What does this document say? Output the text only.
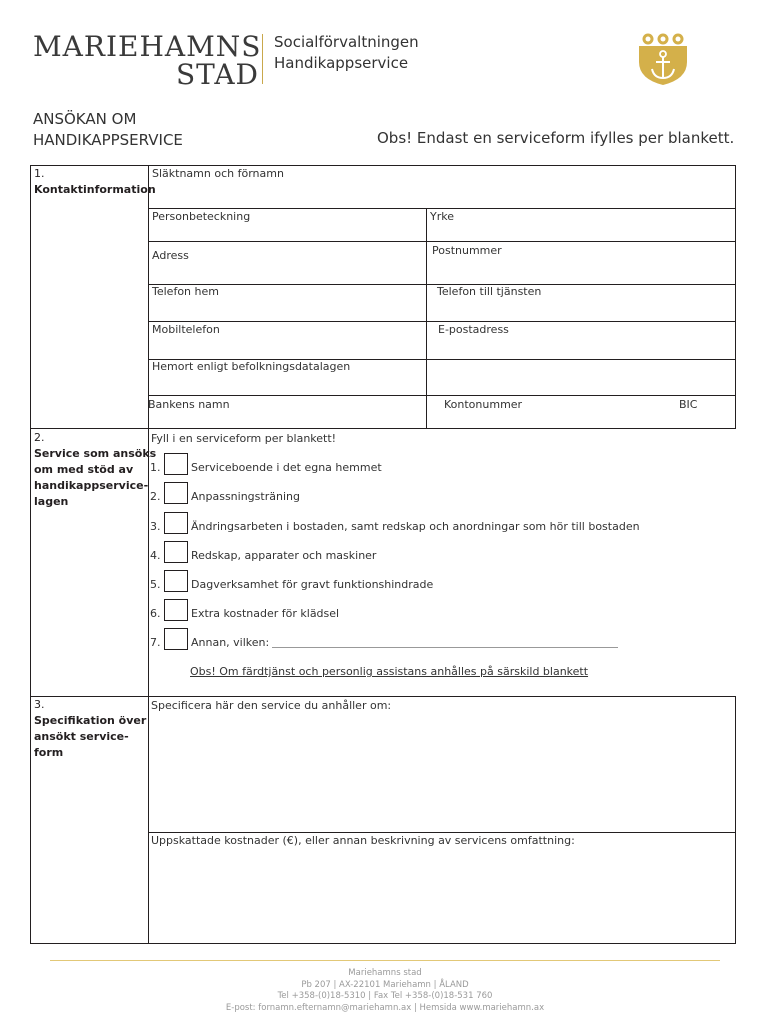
MARIEHAMNS
STAD
Socialförvaltningen
Handikappservice
ANSÖKAN OM
HANDIKAPPSERVICE	Obs! Endast en serviceform ifylles per blankett.
1.
Kontaktinformation
Släktnamn och förnamn
Personbeteckning	Yrke
Adress	Postnummer
Telefon hem	Telefon till tjänsten
Mobiltelefon	E-postadress
Hemort enligt befolkningsdatalagen
Bankens namn	Kontonummer	BIC
2.
Service som ansöks
om med stöd av
handikappservice-
lagen
Fyll i en serviceform per blankett!
1.	Serviceboende i det egna hemmet
2.	Anpassningsträning
3.	Ändringsarbeten i bostaden, samt redskap och anordningar som hör till bostaden
4.	Redskap, apparater och maskiner
5.	Dagverksamhet för gravt funktionshindrade
6.	Extra kostnader för klädsel
7.	Annan, vilken:
Obs! Om färdtjänst och personlig assistans anhålles på särskild blankett
3.
Specifikation över
ansökt service-
form
Specificera här den service du anhåller om:
Uppskattade kostnader (€), eller annan beskrivning av servicens omfattning:
Mariehamns stad
Pb 207 | AX-22101 Mariehamn | ÅLAND
Tel +358-(0)18-5310 | Fax Tel +358-(0)18-531 760
E-post: fornamn.efternamn@mariehamn.ax | Hemsida www.mariehamn.ax
